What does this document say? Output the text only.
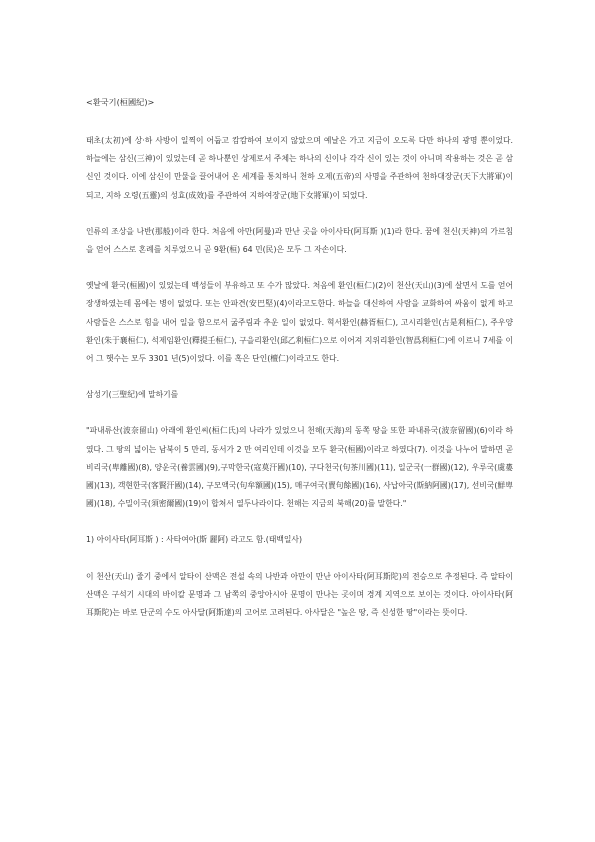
<환국기(桓國紀)>

태초(太初)에 상·하 사방이 일찍이 어둡고 캄캄하여 보이지 않았으며 예날은 가고 지금이 오도록 다만 하나의 광명 뿐이었다. 하늘에는 삼신(三神)이 있었는데 곧 하나뿐인 상제로서 주체는 하나의 신이나 각각 신이 있는 것이 아니며 작용하는 것은 곧 삼신인 것이다. 이에 삼신이 만물을 끌어내어 온 세계를 통치하니 천하 오제(五帝)의 사명을 주관하여 천하대장군(天下大將軍)이 되고, 지하 오령(五靈)의 성효(成效)를 주관하여 지하여장군(地下女將軍)이 되었다.

인류의 조상을 나반(那般)이라 한다. 처음에 아만(阿曼)과 만난 곳을 아이사타(阿耳斯 )(1)라 한다. 꿈에 천신(天神)의 가르침을 얻어 스스로 혼례를 치루었으니 곧 9환(桓) 64 민(民)은 모두 그 자손이다.

옛날에 환국(桓國)이 있었는데 백성들이 부유하고 또 수가 많았다. 처음에 환인(桓仁)(2)이 천산(天山)(3)에 살면서 도를 얻어 장생하였는데 몸에는 병이 없었다. 또는 안파견(安巴堅)(4)이라고도한다. 하늘을 대신하여 사람을 교화하여 싸움이 없게 하고 사람들은 스스로 힘을 내어 일을 함으로서 굶주림과 추운 일이 없었다. 혁서환인(赫胥桓仁), 고시리환인(古是利桓仁), 주우양환인(朱于襄桓仁), 석제임환인(釋提壬桓仁), 구을리환인(邱乙利桓仁)으로 이어져 지위리환인(智爲利桓仁)에 이르니 7세를 이어 그 햇수는 모두 3301 년(5)이었다. 이를 혹은 단인(檀仁)이라고도 한다.

삼성기(三聖紀)에 말하기를

"파내류산(波奈留山) 아래에 환인씨(桓仁氏)의 나라가 있었으니 천해(天海)의 동쪽 땅을 또한 파내류국(波奈留國)(6)이라 하였다. 그 땅의 넓이는 남북이 5 만리, 동서가 2 만 여리인데 이것을 모두 환국(桓國)이라고 하였다(7). 이것을 나누어 말하면 곧 비리국(卑離國)(8), 양운국(養雲國)(9),구막한국(寇莫汗國)(10), 구다천국(句茶川國)(11), 일군국(一群國)(12), 우루국(虞婁國)(13), 객현한국(客賢汗國)(14), 구모액국(句牟額國)(15), 매구여국(賣句餘國)(16), 사납아국(斯納阿國)(17), 선비국(鮮卑國)(18), 수밀이국(須密爾國)(19)이 합쳐서 열두나라이다. 천해는 지금의 북해(20)를 말한다."

1) 아이사타(阿耳斯 ) : 사타여아(斯 麗阿) 라고도 함.(태백일사)

이 천산(天山) 줄기 중에서 알타이 산맥은 전설 속의 나반과 아만이 만난 아이사타(阿耳斯陀)의 전승으로 추정된다. 즉 알타이산맥은 구석기 시대의 바이칼 문명과 그 남쪽의 중앙아시아 문명이 만나는 곳이며 경계 지역으로 보이는 것이다. 아이사타(阿耳斯陀)는 바로 단군의 수도 아사달(阿斯達)의 고어로 고려된다. 아사달은 "높은 땅, 즉 신성한 땅"이라는 뜻이다.
